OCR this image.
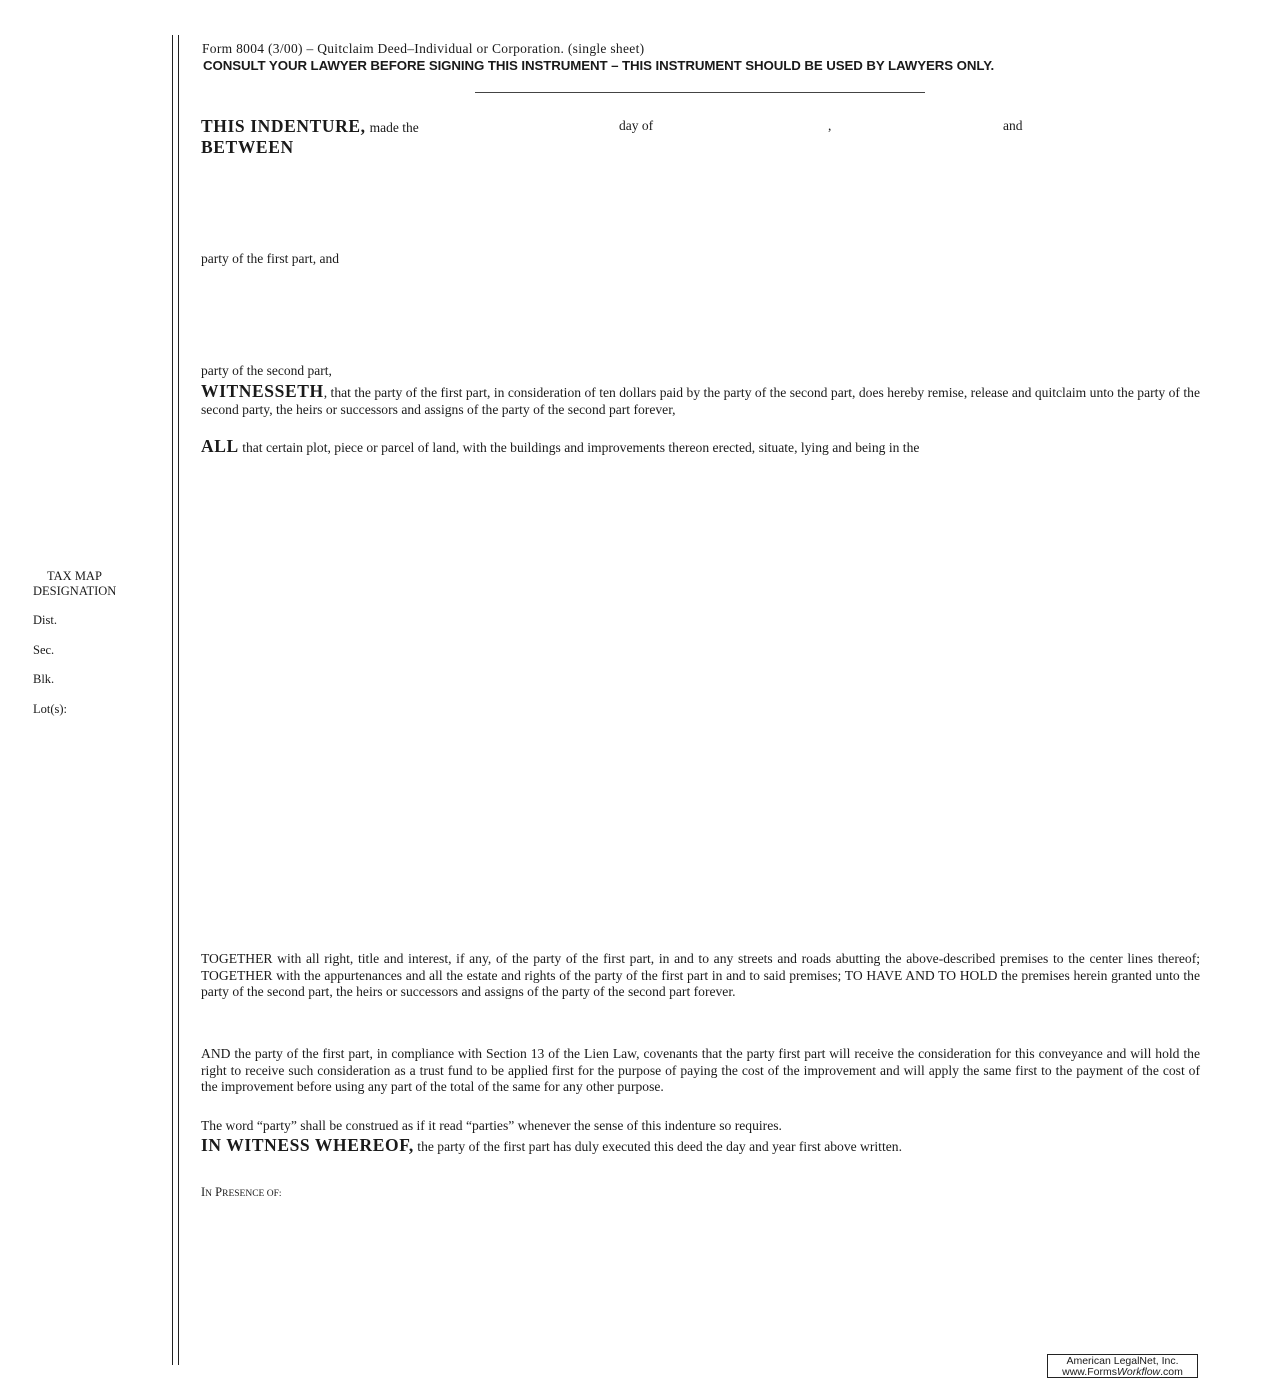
Form 8004 (3/00) – Quitclaim Deed–Individual or Corporation. (single sheet)
CONSULT YOUR LAWYER BEFORE SIGNING THIS INSTRUMENT – THIS INSTRUMENT SHOULD BE USED BY LAWYERS ONLY.
THIS INDENTURE, made the	day of	,	and
BETWEEN
party of the first part, and
party of the second part,
WITNESSETH, that the party of the first part, in consideration of ten dollars paid by the party of the second part, does hereby remise, release and quitclaim unto the party of the second party, the heirs or successors and assigns of the party of the second part forever,
ALL that certain plot, piece or parcel of land, with the buildings and improvements thereon erected, situate, lying and being in the
TAX MAP
DESIGNATION
Dist.
Sec.
Blk.
Lot(s):
TOGETHER with all right, title and interest, if any, of the party of the first part, in and to any streets and roads abutting the above-described premises to the center lines thereof; TOGETHER with the appurtenances and all the estate and rights of the party of the first part in and to said premises; TO HAVE AND TO HOLD the premises herein granted unto the party of the second part, the heirs or successors and assigns of the party of the second part forever.
AND the party of the first part, in compliance with Section 13 of the Lien Law, covenants that the party first part will receive the consideration for this conveyance and will hold the right to receive such consideration as a trust fund to be applied first for the purpose of paying the cost of the improvement and will apply the same first to the payment of the cost of the improvement before using any part of the total of the same for any other purpose.
The word “party” shall be construed as if it read “parties” whenever the sense of this indenture so requires.
IN WITNESS WHEREOF, the party of the first part has duly executed this deed the day and year first above written.
IN PRESENCE OF:
American LegalNet, Inc.
www.FormsWorkflow.com
